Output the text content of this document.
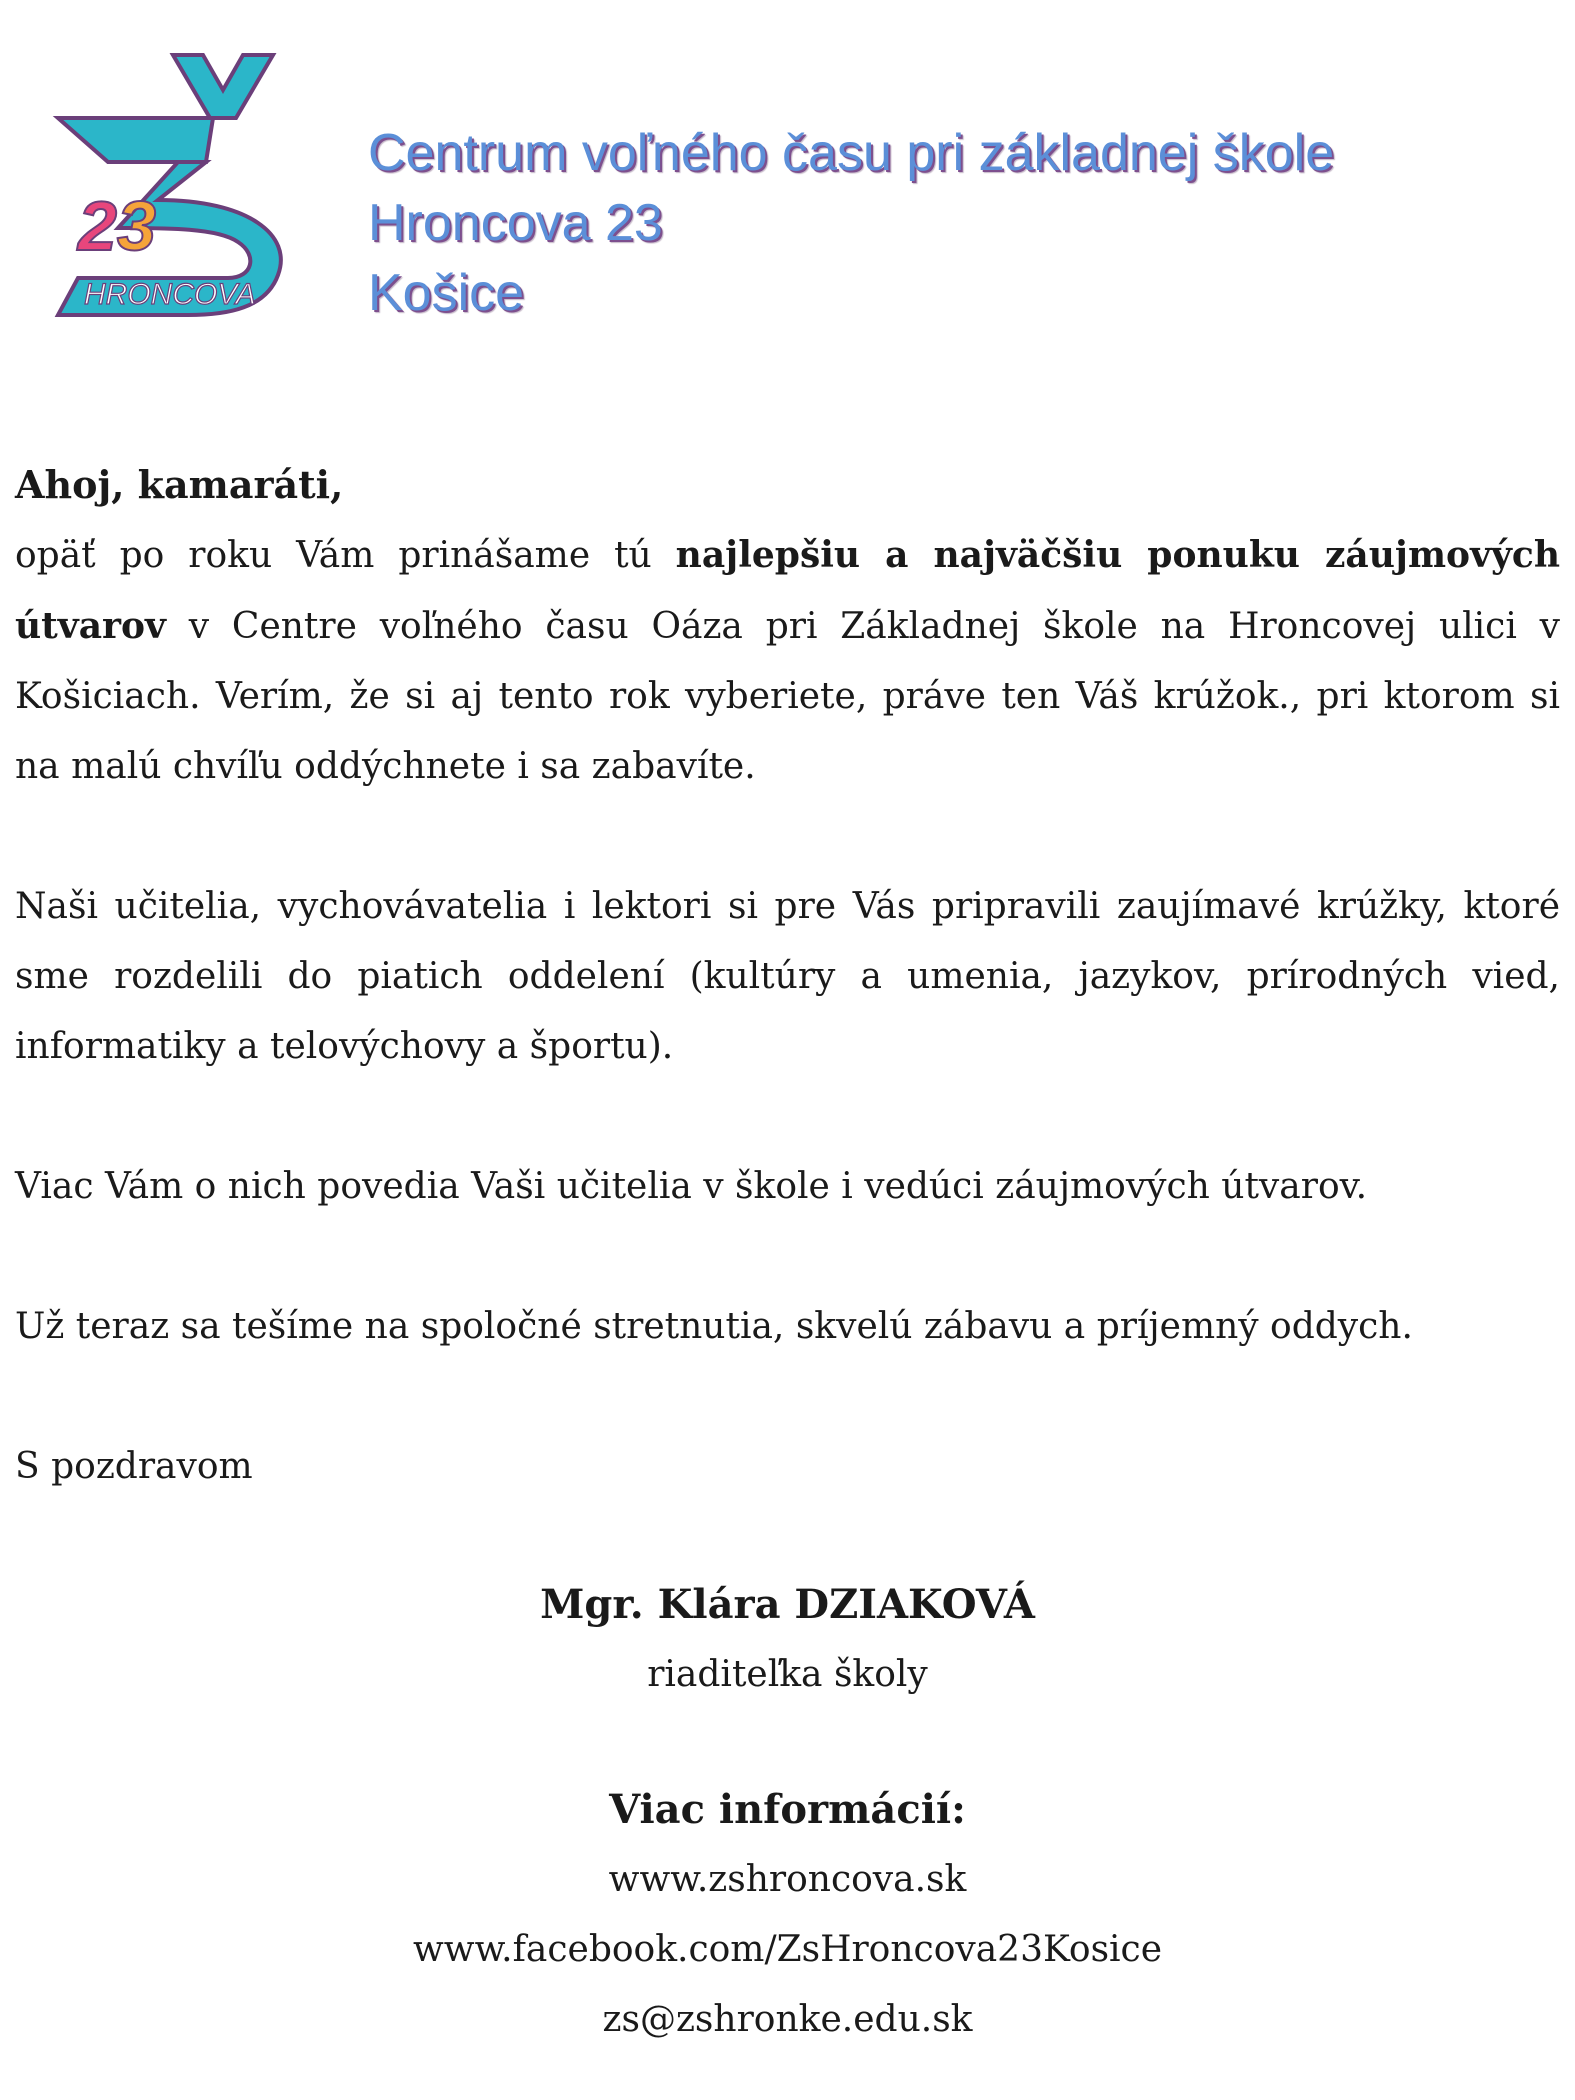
23
HRONCOVA
Centrum voľného času pri základnej škole
Hroncova 23
Košice

Ahoj, kamaráti,

opäť po roku Vám prinášame tú najlepšiu a najväčšiu ponuku záujmových útvarov v Centre voľného času Oáza pri Základnej škole na Hroncovej ulici v Košiciach. Verím, že si aj tento rok vyberiete, práve ten Váš krúžok., pri ktorom si na malú chvíľu oddýchnete i sa zabavíte.

Naši učitelia, vychovávatelia i lektori si pre Vás pripravili zaujímavé krúžky, ktoré sme rozdelili do piatich oddelení (kultúry a umenia, jazykov, prírodných vied, informatiky a telovýchovy a športu).

Viac Vám o nich povedia Vaši učitelia v škole i vedúci záujmových útvarov.

Už teraz sa tešíme na spoločné stretnutia, skvelú zábavu a príjemný oddych.

S pozdravom

Mgr. Klára DZIAKOVÁ
riaditeľka školy
Viac informácií:
www.zshroncova.sk
www.facebook.com/ZsHroncova23Kosice
zs@zshronke.edu.sk
